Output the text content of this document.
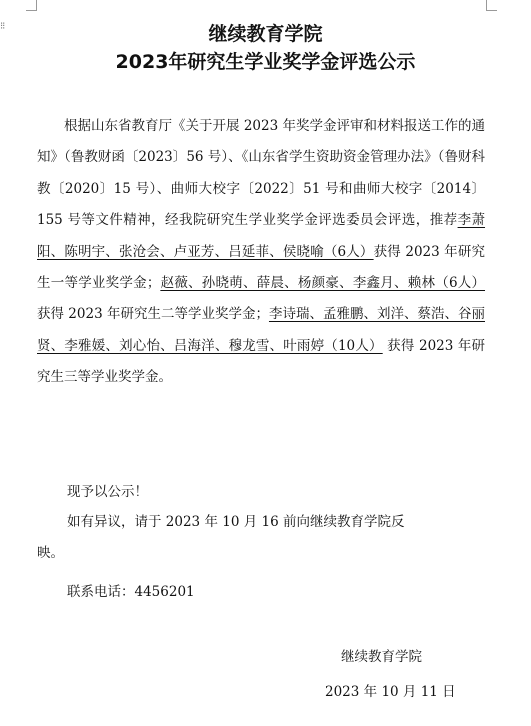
⁝⁝	继续教育学院
2023年研究生学业奖学金评选公示
根据山东省教育厅《关于开展 2023 年奖学金评审和材料报送工作的通知》（鲁教财函〔2023〕56 号）、《山东省学生资助资金管理办法》（鲁财科教〔2020〕15 号）、曲师大校字〔2022〕51 号和曲师大校字〔2014〕155 号等文件精神，经我院研究生学业奖学金评选委员会评选，推荐李萧阳、陈明宇、张沧会、卢亚芳、吕延菲、侯晓喻（6人）获得 2023 年研究生一等学业奖学金；赵薇、孙晓萌、薛晨、杨颜豪、李鑫月、赖林（6人） 获得 2023 年研究生二等学业奖学金；李诗瑞、孟雅鹏、刘洋、蔡浩、谷丽贤、李雅媛、刘心怡、吕海洋、穆龙雪、叶雨婷（10人） 获得 2023 年研究生三等学业奖学金。
现予以公示！
如有异议，请于 2023 年 10 月 16 前向继续教育学院反
映。
联系电话：4456201
继续教育学院
2023 年 10 月 11 日
